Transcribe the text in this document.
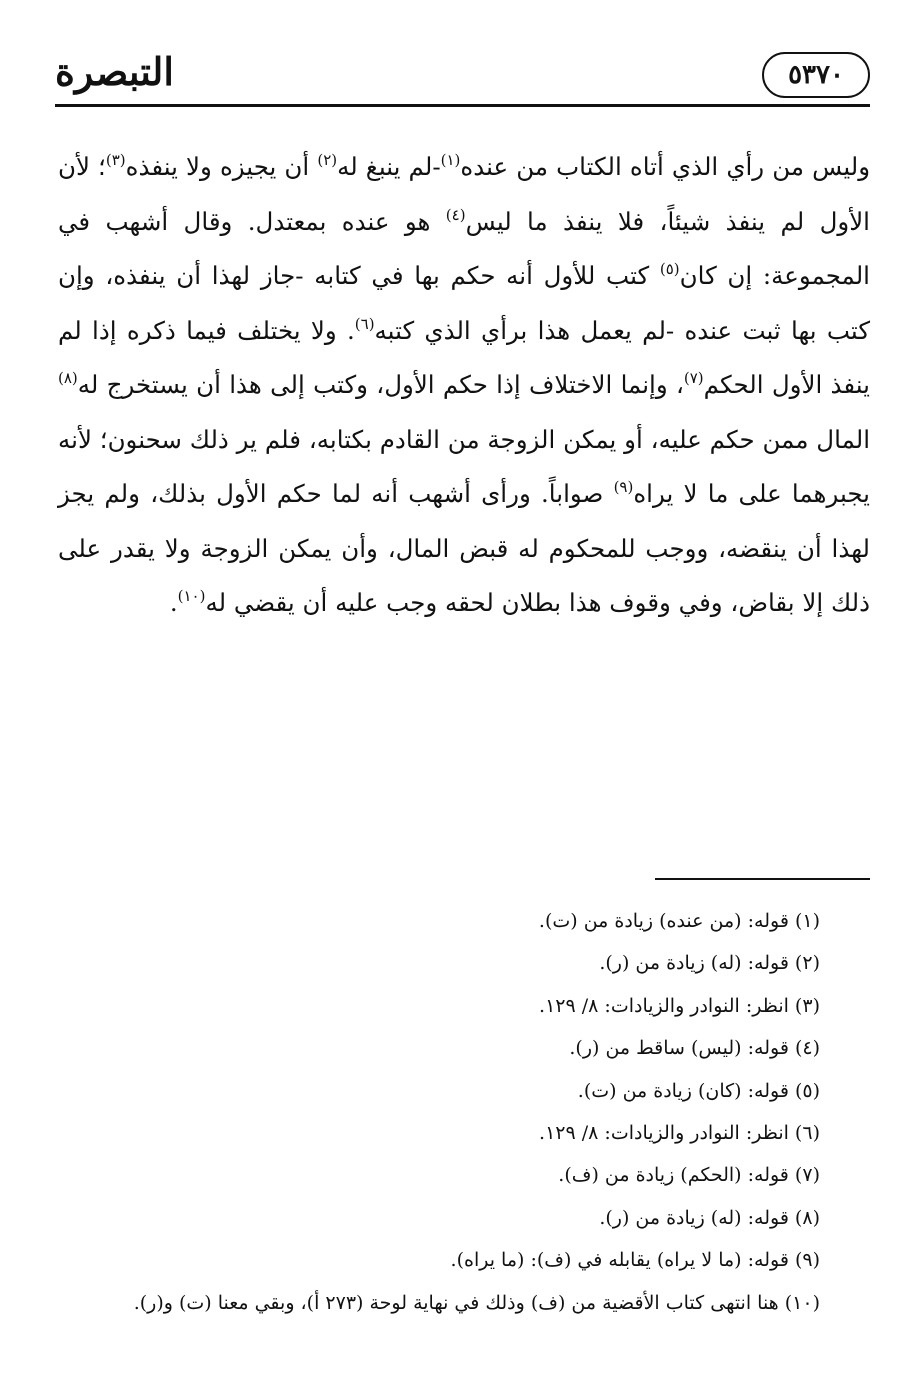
التبصرة	٥٣٧٠
وليس من رأي الذي أتاه الكتاب من عنده$^{(١)}$-لم ينبغ له$^{(٢)}$ أن يجيزه ولا ينفذه$^{(٣)}$؛ لأن الأول لم ينفذ شيئاً، فلا ينفذ ما ليس$^{(٤)}$ هو عنده بمعتدل. وقال أشهب في المجموعة: إن كان$^{(٥)}$ كتب للأول أنه حكم بها في كتابه -جاز لهذا أن ينفذه، وإن كتب بها ثبت عنده -لم يعمل هذا برأي الذي كتبه$^{(٦)}$. ولا يختلف فيما ذكره إذا لم ينفذ الأول الحكم$^{(٧)}$، وإنما الاختلاف إذا حكم الأول، وكتب إلى هذا أن يستخرج له$^{(٨)}$ المال ممن حكم عليه، أو يمكن الزوجة من القادم بكتابه، فلم ير ذلك سحنون؛ لأنه يجبرهما على ما لا يراه$^{(٩)}$ صواباً. ورأى أشهب أنه لما حكم الأول بذلك، ولم يجز لهذا أن ينقضه، ووجب للمحكوم له قبض المال، وأن يمكن الزوجة ولا يقدر على ذلك إلا بقاض، وفي وقوف هذا بطلان لحقه وجب عليه أن يقضي له$^{(١٠)}$.
(١) قوله: (من عنده) زيادة من (ت).
(٢) قوله: (له) زيادة من (ر).
(٣) انظر: النوادر والزيادات: ٨/ ١٢٩.
(٤) قوله: (ليس) ساقط من (ر).
(٥) قوله: (كان) زيادة من (ت).
(٦) انظر: النوادر والزيادات: ٨/ ١٢٩.
(٧) قوله: (الحكم) زيادة من (ف).
(٨) قوله: (له) زيادة من (ر).
(٩) قوله: (ما لا يراه) يقابله في (ف): (ما يراه).
(١٠) هنا انتهى كتاب الأقضية من (ف) وذلك في نهاية لوحة (٢٧٣ أ)، وبقي معنا (ت) و(ر).
